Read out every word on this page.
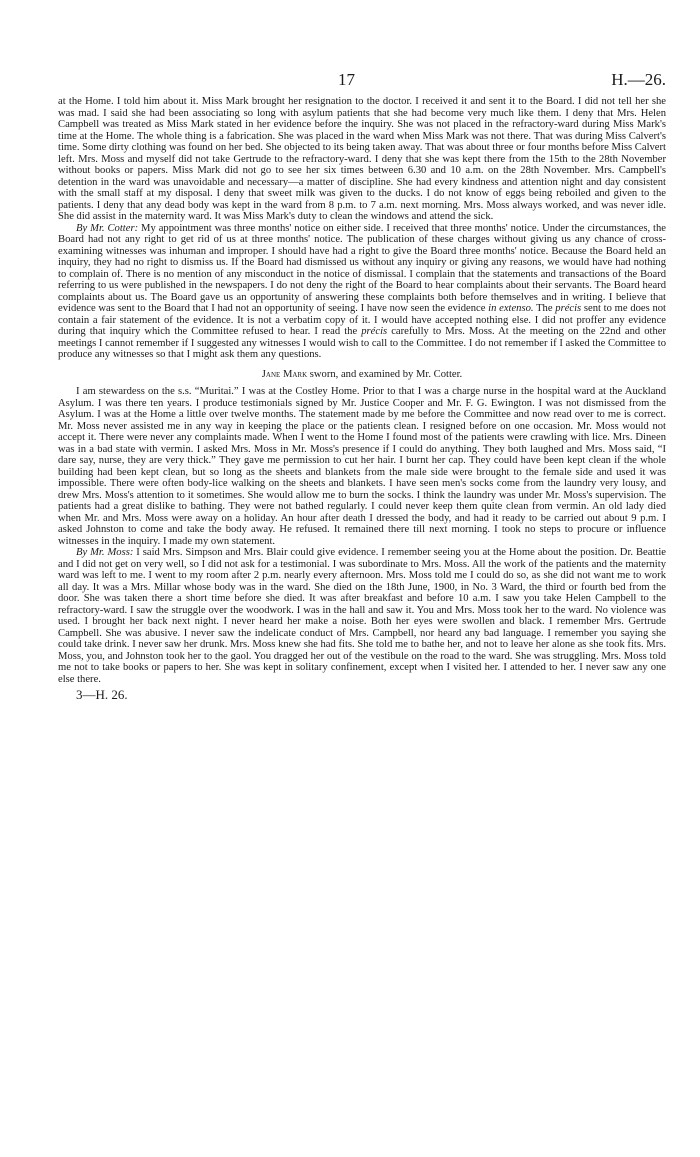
17	H.—26.

at the Home. I told him about it. Miss Mark brought her resignation to the doctor. I received it and sent it to the Board. I did not tell her she was mad. I said she had been associating so long with asylum patients that she had become very much like them. I deny that Mrs. Helen Campbell was treated as Miss Mark stated in her evidence before the inquiry. She was not placed in the refractory-ward during Miss Mark's time at the Home. The whole thing is a fabrication. She was placed in the ward when Miss Mark was not there. That was during Miss Calvert's time. Some dirty clothing was found on her bed. She objected to its being taken away. That was about three or four months before Miss Calvert left. Mrs. Moss and myself did not take Gertrude to the refractory-ward. I deny that she was kept there from the 15th to the 28th November without books or papers. Miss Mark did not go to see her six times between 6.30 and 10 a.m. on the 28th November. Mrs. Campbell's detention in the ward was unavoidable and necessary—a matter of discipline. She had every kindness and attention night and day consistent with the small staff at my disposal. I deny that sweet milk was given to the ducks. I do not know of eggs being reboiled and given to the patients. I deny that any dead body was kept in the ward from 8 p.m. to 7 a.m. next morning. Mrs. Moss always worked, and was never idle. She did assist in the maternity ward. It was Miss Mark's duty to clean the windows and attend the sick.

By Mr. Cotter: My appointment was three months' notice on either side. I received that three months' notice. Under the circumstances, the Board had not any right to get rid of us at three months' notice. The publication of these charges without giving us any chance of cross-examining witnesses was inhuman and improper. I should have had a right to give the Board three months' notice. Because the Board held an inquiry, they had no right to dismiss us. If the Board had dismissed us without any inquiry or giving any reasons, we would have had nothing to complain of. There is no mention of any misconduct in the notice of dismissal. I complain that the statements and transactions of the Board referring to us were published in the newspapers. I do not deny the right of the Board to hear complaints about their servants. The Board heard complaints about us. The Board gave us an opportunity of answering these complaints both before themselves and in writing. I believe that evidence was sent to the Board that I had not an opportunity of seeing. I have now seen the evidence in extenso. The précis sent to me does not contain a fair statement of the evidence. It is not a verbatim copy of it. I would have accepted nothing else. I did not proffer any evidence during that inquiry which the Committee refused to hear. I read the précis carefully to Mrs. Moss. At the meeting on the 22nd and other meetings I cannot remember if I suggested any witnesses I would wish to call to the Committee. I do not remember if I asked the Committee to produce any witnesses so that I might ask them any questions.

Jane Mark sworn, and examined by Mr. Cotter.

I am stewardess on the s.s. “Muritai.” I was at the Costley Home. Prior to that I was a charge nurse in the hospital ward at the Auckland Asylum. I was there ten years. I produce testimonials signed by Mr. Justice Cooper and Mr. F. G. Ewington. I was not dismissed from the Asylum. I was at the Home a little over twelve months. The statement made by me before the Committee and now read over to me is correct. Mr. Moss never assisted me in any way in keeping the place or the patients clean. I resigned before on one occasion. Mr. Moss would not accept it. There were never any complaints made. When I went to the Home I found most of the patients were crawling with lice. Mrs. Dineen was in a bad state with vermin. I asked Mrs. Moss in Mr. Moss's presence if I could do anything. They both laughed and Mrs. Moss said, “I dare say, nurse, they are very thick.” They gave me permission to cut her hair. I burnt her cap. They could have been kept clean if the whole building had been kept clean, but so long as the sheets and blankets from the male side were brought to the female side and used it was impossible. There were often body-lice walking on the sheets and blankets. I have seen men's socks come from the laundry very lousy, and drew Mrs. Moss's attention to it sometimes. She would allow me to burn the socks. I think the laundry was under Mr. Moss's supervision. The patients had a great dislike to bathing. They were not bathed regularly. I could never keep them quite clean from vermin. An old lady died when Mr. and Mrs. Moss were away on a holiday. An hour after death I dressed the body, and had it ready to be carried out about 9 p.m. I asked Johnston to come and take the body away. He refused. It remained there till next morning. I took no steps to procure or influence witnesses in the inquiry. I made my own statement.

By Mr. Moss: I said Mrs. Simpson and Mrs. Blair could give evidence. I remember seeing you at the Home about the position. Dr. Beattie and I did not get on very well, so I did not ask for a testimonial. I was subordinate to Mrs. Moss. All the work of the patients and the maternity ward was left to me. I went to my room after 2 p.m. nearly every afternoon. Mrs. Moss told me I could do so, as she did not want me to work all day. It was a Mrs. Millar whose body was in the ward. She died on the 18th June, 1900, in No. 3 Ward, the third or fourth bed from the door. She was taken there a short time before she died. It was after breakfast and before 10 a.m. I saw you take Helen Campbell to the refractory-ward. I saw the struggle over the woodwork. I was in the hall and saw it. You and Mrs. Moss took her to the ward. No violence was used. I brought her back next night. I never heard her make a noise. Both her eyes were swollen and black. I remember Mrs. Gertrude Campbell. She was abusive. I never saw the indelicate conduct of Mrs. Campbell, nor heard any bad language. I remember you saying she could take drink. I never saw her drunk. Mrs. Moss knew she had fits. She told me to bathe her, and not to leave her alone as she took fits. Mrs. Moss, you, and Johnston took her to the gaol. You dragged her out of the vestibule on the road to the ward. She was struggling. Mrs. Moss told me not to take books or papers to her. She was kept in solitary confinement, except when I visited her. I attended to her. I never saw any one else there.

3—H. 26.
